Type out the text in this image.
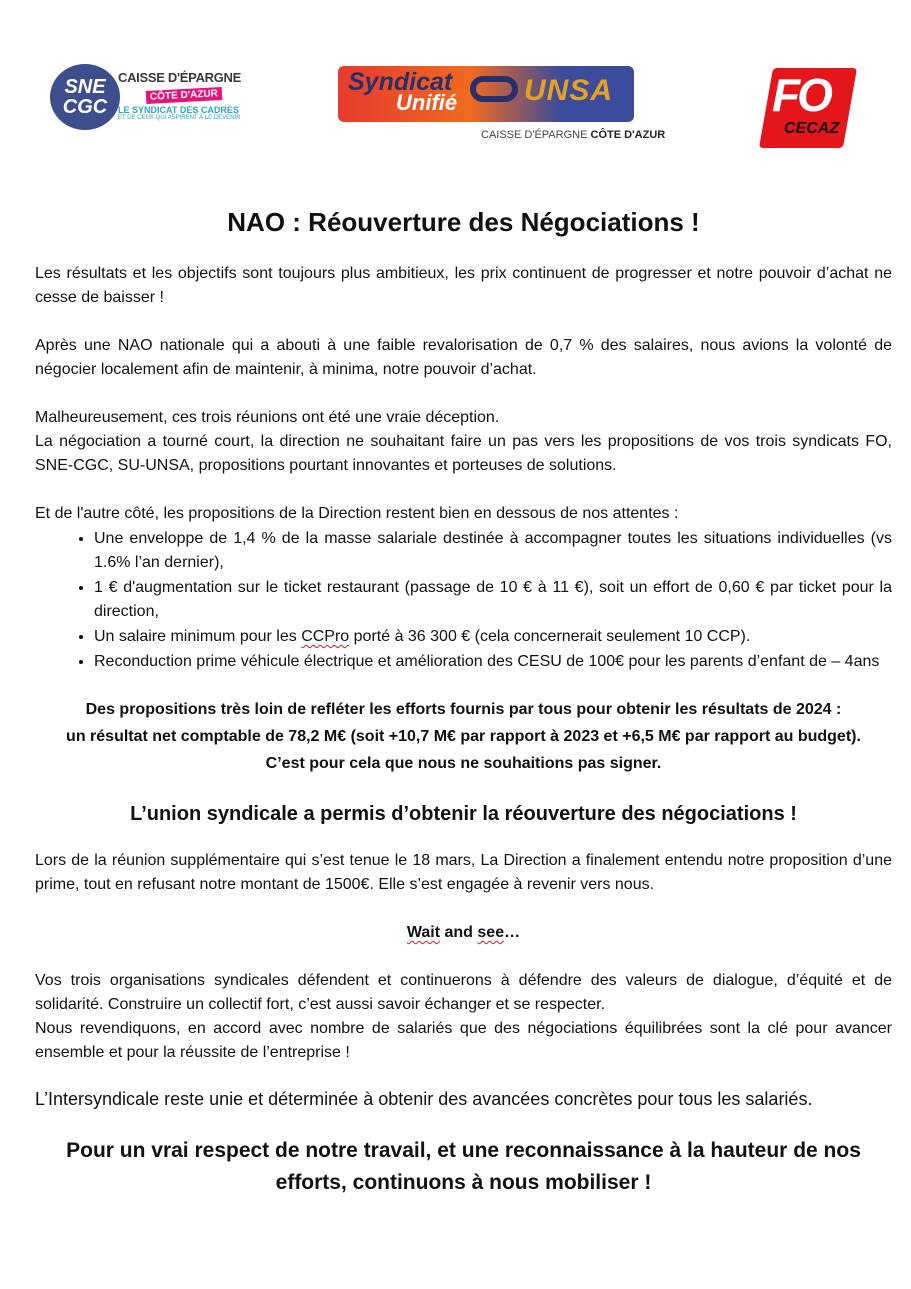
SNE CGC
CAISSE D'ÉPARGNE
CÔTE D'AZUR
LE SYNDICAT DES CADRES
ET DE CEUX QUI ASPIRENT À LE DEVENIR
Syndicat
Unifié UNSA
CAISSE D'ÉPARGNE CÔTE D'AZUR
FO
CECAZ
NAO : Réouverture des Négociations !

Les résultats et les objectifs sont toujours plus ambitieux, les prix continuent de progresser et notre pouvoir d’achat ne cesse de baisser !

Après une NAO nationale qui a abouti à une faible revalorisation de 0,7 % des salaires, nous avions la volonté de négocier localement afin de maintenir, à minima, notre pouvoir d’achat.

Malheureusement, ces trois réunions ont été une vraie déception.

La négociation a tourné court, la direction ne souhaitant faire un pas vers les propositions de vos trois syndicats FO, SNE-CGC, SU-UNSA, propositions pourtant innovantes et porteuses de solutions.

Et de l'autre côté, les propositions de la Direction restent bien en dessous de nos attentes :

• Une enveloppe de 1,4 % de la masse salariale destinée à accompagner toutes les situations individuelles (vs 1.6% l’an dernier),
• 1 € d'augmentation sur le ticket restaurant (passage de 10 € à 11 €), soit un effort de 0,60 € par ticket pour la direction,
• Un salaire minimum pour les CCPro porté à 36 300 € (cela concernerait seulement 10 CCP).
• Reconduction prime véhicule électrique et amélioration des CESU de 100€ pour les parents d’enfant de – 4ans
Des propositions très loin de refléter les efforts fournis par tous pour obtenir les résultats de 2024 :
un résultat net comptable de 78,2 M€ (soit +10,7 M€ par rapport à 2023 et +6,5 M€ par rapport au budget).
C’est pour cela que nous ne souhaitions pas signer.
L’union syndicale a permis d’obtenir la réouverture des négociations !

Lors de la réunion supplémentaire qui s’est tenue le 18 mars, La Direction a finalement entendu notre proposition d’une prime, tout en refusant notre montant de 1500€. Elle s’est engagée à revenir vers nous.

Wait and see…

Vos trois organisations syndicales défendent et continuerons à défendre des valeurs de dialogue, d’équité et de solidarité. Construire un collectif fort, c’est aussi savoir échanger et se respecter.

Nous revendiquons, en accord avec nombre de salariés que des négociations équilibrées sont la clé pour avancer ensemble et pour la réussite de l’entreprise !

L’Intersyndicale reste unie et déterminée à obtenir des avancées concrètes pour tous les salariés.

Pour un vrai respect de notre travail, et une reconnaissance à la hauteur de nos efforts, continuons à nous mobiliser !
